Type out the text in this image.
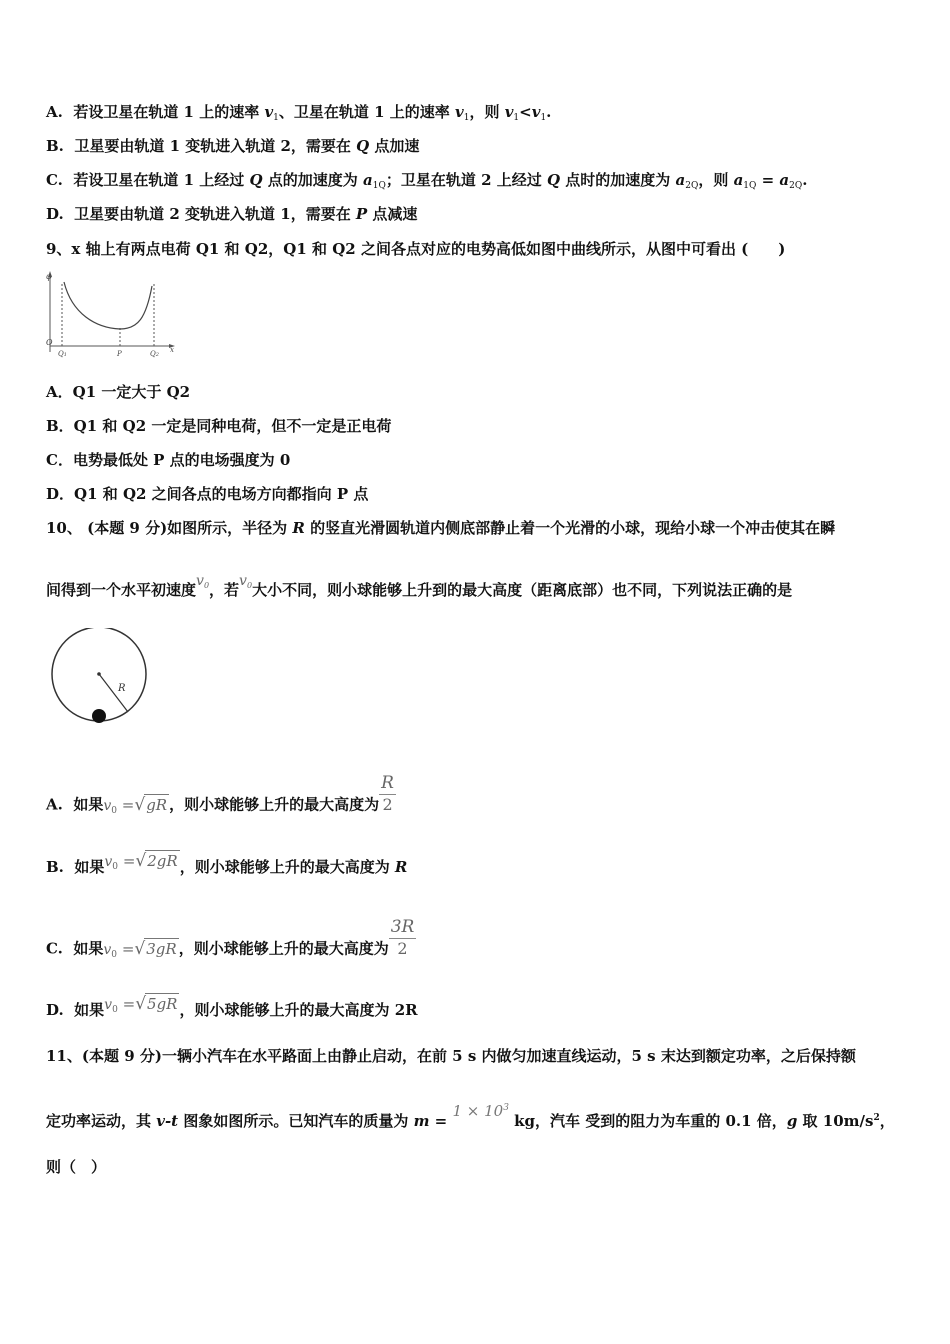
A. 若设卫星在轨道 1 上的速率 $v_1$、卫星在轨道 1 上的速率 $v_1$，则 $v_1<v_1$.
B. 卫星要由轨道 1 变轨进入轨道 2，需要在 Q 点加速
C. 若设卫星在轨道 1 上经过 Q 点的加速度为 $a_{1Q}$；卫星在轨道 2 上经过 Q 点时的加速度为 $a_{2Q}$，则 $a_{1Q} = a_{2Q}$.
D. 卫星要由轨道 2 变轨进入轨道 1，需要在 P 点减速
9、x 轴上有两点电荷 Q1 和 Q2，Q1 和 Q2 之间各点对应的电势高低如图中曲线所示，从图中可看出 (　　)
φ
O
Q1	P	Q2
x
A．Q1 一定大于 Q2
B．Q1 和 Q2 一定是同种电荷，但不一定是正电荷
C．电势最低处 P 点的电场强度为 0
D．Q1 和 Q2 之间各点的电场方向都指向 P 点
10、 (本题 9 分)如图所示，半径为 R 的竖直光滑圆轨道内侧底部静止着一个光滑的小球，现给小球一个冲击使其在瞬
间得到一个水平初速度$v_0$，若$v_0$大小不同，则小球能够上升到的最大高度（距离底部）也不同，下列说法正确的是
R
A. 如果$v_0 =√gR$ ，则小球能够上升的最大高度为 $\frac{R}{2}$
B. 如果$v_0 =√2gR$ ，则小球能够上升的最大高度为 R
C. 如果$v_0 =√3gR$ ，则小球能够上升的最大高度为 $\frac{3R}{2}$
D. 如果$v_0 =√5gR$ ，则小球能够上升的最大高度为 2R
11、(本题 9 分)一辆小汽车在水平路面上由静止启动，在前 5 s 内做匀加速直线运动，5 s 末达到额定功率，之后保持额
定功率运动，其 v-t 图象如图所示。已知汽车的质量为 $m = 1 \times 10^3$ kg，汽车 受到的阻力为车重的 0.1 倍，g 取 $10m/s^2$，
则（　）
